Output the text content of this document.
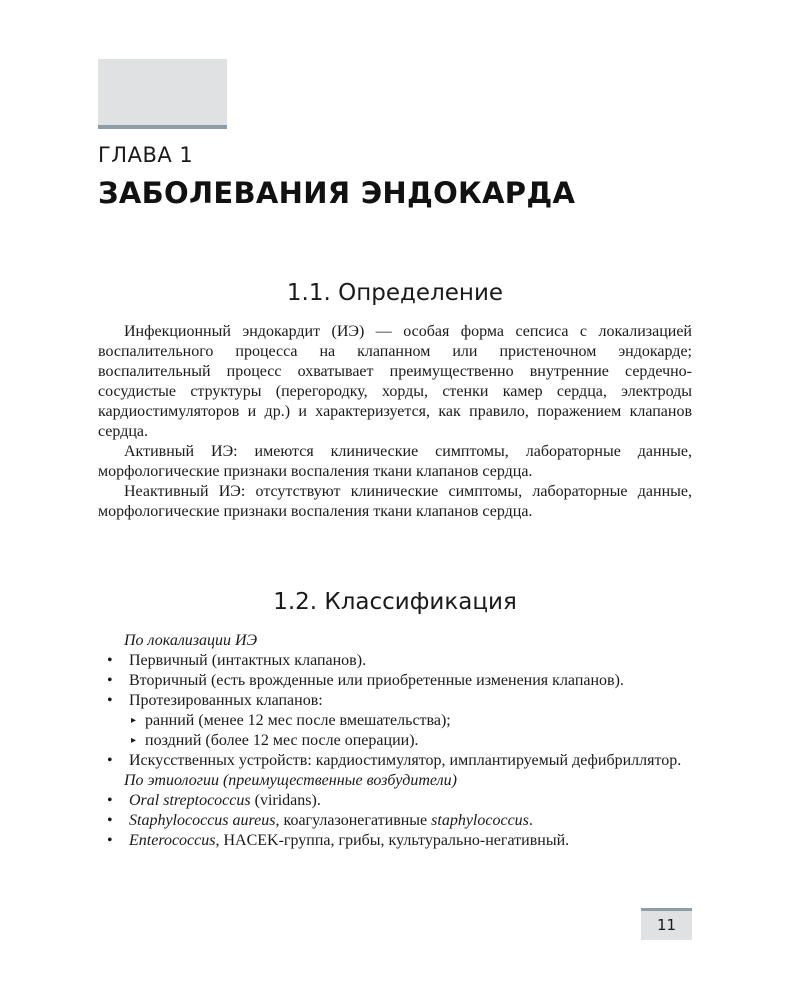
ГЛАВА 1
ЗАБОЛЕВАНИЯ ЭНДОКАРДА
1.1. Определение

Инфекционный эндокардит (ИЭ) — особая форма сепсиса с локализацией воспалительного процесса на клапанном или пристеночном эндокарде; воспалительный процесс охватывает преимущественно внутренние сердечно-сосудистые структуры (перегородку, хорды, стенки камер сердца, электроды кардиостимуляторов и др.) и характеризуется, как правило, поражением клапанов сердца.

Активный ИЭ: имеются клинические симптомы, лабораторные данные, морфологические признаки воспаления ткани клапанов сердца.

Неактивный ИЭ: отсутствуют клинические симптомы, лабораторные данные, морфологические признаки воспаления ткани клапанов сердца.

1.2. Классификация

По локализации ИЭ

• Первичный (интактных клапанов).
• Вторичный (есть врожденные или приобретенные изменения клапанов).
• Протезированных клапанов:
▸ ранний (менее 12 мес после вмешательства);
▸ поздний (более 12 мес после операции).
• Искусственных устройств: кардиостимулятор, имплантируемый дефибриллятор.

По этиологии (преимущественные возбудители)

• Oral streptococcus (viridans).
• Staphylococcus aureus, коагулазонегативные staphylococcus.
• Enterococcus, HACEK-группа, грибы, культурально-негативный.
11
